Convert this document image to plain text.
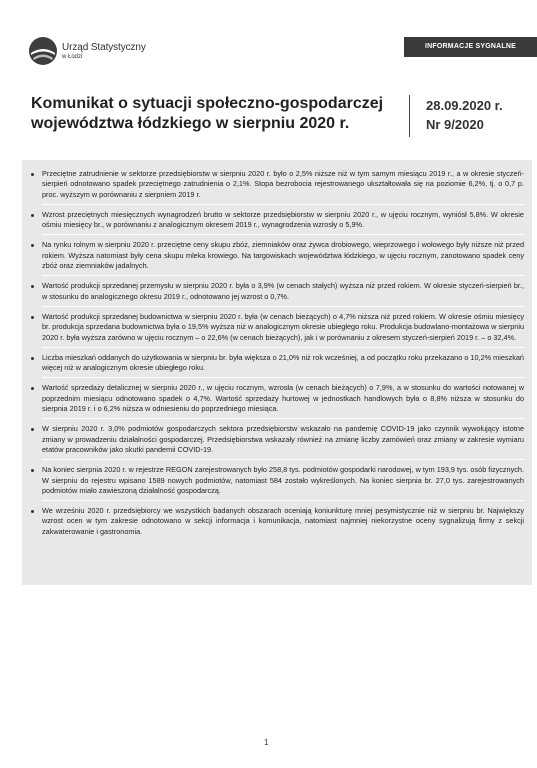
Urząd Statystyczny
w Łodzi
INFORMACJE SYGNALNE
Komunikat o sytuacji społeczno-gospodarczej
województwa łódzkiego w sierpniu 2020 r.
28.09.2020 r.
Nr 9/2020
Przeciętne zatrudnienie w sektorze przedsiębiorstw w sierpniu 2020 r. było o 2,5% niższe niż w tym samym miesiącu 2019 r., a w okresie styczeń-sierpień odnotowano spadek przeciętnego zatrudnienia o 2,1%. Stopa bezrobocia rejestrowanego ukształtowała się na poziomie 6,2%, tj. o 0,7 p. proc. wyższym w porównaniu z sierpniem 2019 r.
Wzrost przeciętnych miesięcznych wynagrodzeń brutto w sektorze przedsiębiorstw w sierpniu 2020 r., w ujęciu rocznym, wyniósł 5,8%. W okresie ośmiu miesięcy br., w porównaniu z analogicznym okresem 2019 r., wynagrodzenia wzrosły o 5,9%.
Na rynku rolnym w sierpniu 2020 r. przeciętne ceny skupu zbóż, ziemniaków oraz żywca drobiowego, wieprzowego i wołowego były niższe niż przed rokiem. Wyższa natomiast były cena skupu mleka krowiego. Na targowiskach województwa łódzkiego, w ujęciu rocznym, zanotowano spadek ceny zbóż oraz ziemniaków jadalnych.
Wartość produkcji sprzedanej przemysłu w sierpniu 2020 r. była o 3,9% (w cenach stałych) wyższa niż przed rokiem. W okresie styczeń-sierpień br., w stosunku do analogicznego okresu 2019 r., odnotowano jej wzrost o 0,7%.
Wartość produkcji sprzedanej budownictwa w sierpniu 2020 r. była (w cenach bieżących) o 4,7% niższa niż przed rokiem. W okresie ośmiu miesięcy br. produkcja sprzedana budownictwa była o 19,5% wyższa niż w analogicznym okresie ubiegłego roku. Produkcja budowlano-montażowa w sierpniu 2020 r. była wyższa zarówno w ujęciu rocznym – o 22,6% (w cenach bieżących), jak i w porównaniu z okresem styczeń-sierpień 2019 r. – o 32,4%.
Liczba mieszkań oddanych do użytkowania w sierpniu br. była większa o 21,0% niż rok wcześniej, a od początku roku przekazano o 10,2% mieszkań więcej niż w analogicznym okresie ubiegłego roku.
Wartość sprzedaży detalicznej w sierpniu 2020 r., w ujęciu rocznym, wzrosła (w cenach bieżących) o 7,9%, a w stosunku do wartości notowanej w poprzednim miesiącu odnotowano spadek o 4,7%. Wartość sprzedaży hurtowej w jednostkach handlowych była o 8,8% niższa w stosunku do sierpnia 2019 r. i o 6,2% niższa w odniesieniu do poprzedniego miesiąca.
W sierpniu 2020 r. 3,0% podmiotów gospodarczych sektora przedsiębiorstw wskazało na pandemię COVID-19 jako czynnik wywołujący istotne zmiany w prowadzeniu działalności gospodarczej. Przedsiębiorstwa wskazały również na zmianę liczby zamówień oraz zmiany w zakresie wymiaru etatów pracowników jako skutki pandemii COVID-19.
Na koniec sierpnia 2020 r. w rejestrze REGON zarejestrowanych było 258,8 tys. podmiotów gospodarki narodowej, w tym 193,9 tys. osób fizycznych. W sierpniu do rejestru wpisano 1589 nowych podmiotów, natomiast 584 zostało wykreślonych. Na koniec sierpnia br. 27,0 tys. zarejestrowanych podmiotów miało zawieszoną działalność gospodarczą.
We wrześniu 2020 r. przedsiębiorcy we wszystkich badanych obszarach oceniają koniunkturę mniej pesymistycznie niż w sierpniu br. Największy wzrost ocen w tym zakresie odnotowano w sekcji informacja i komunikacja, natomiast najmniej niekorzystne oceny sygnalizują firmy z sekcji zakwaterowanie i gastronomia.
1
